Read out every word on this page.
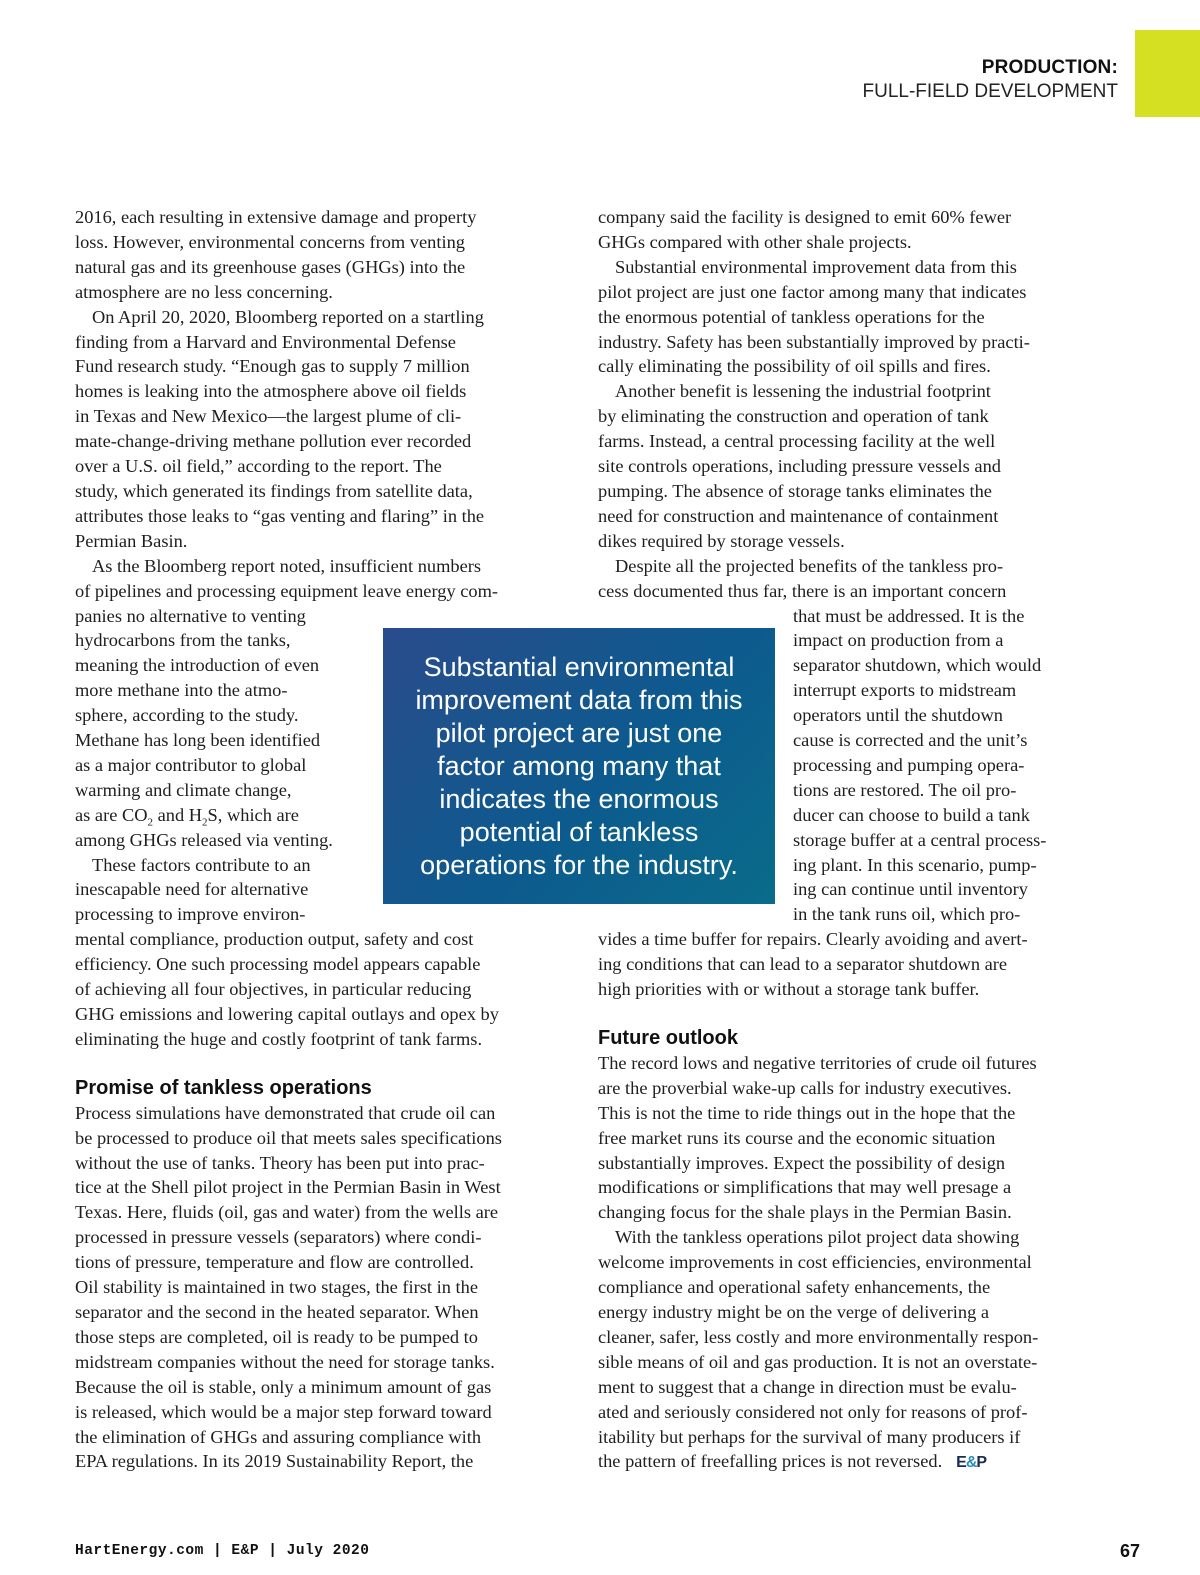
PRODUCTION:
FULL-FIELD DEVELOPMENT

2016, each resulting in extensive damage and property
loss. However, environmental concerns from venting
natural gas and its greenhouse gases (GHGs) into the
atmosphere are no less concerning.

On April 20, 2020, Bloomberg reported on a startling
finding from a Harvard and Environmental Defense
Fund research study. “Enough gas to supply 7 million
homes is leaking into the atmosphere above oil fields
in Texas and New Mexico—the largest plume of cli-
mate-change-driving methane pollution ever recorded
over a U.S. oil field,” according to the report. The
study, which generated its findings from satellite data,
attributes those leaks to “gas venting and flaring” in the
Permian Basin.

As the Bloomberg report noted, insufficient numbers
of pipelines and processing equipment leave energy com-
panies no alternative to venting
hydrocarbons from the tanks,
meaning the introduction of even
more methane into the atmo-
sphere, according to the study.
Methane has long been identified
as a major contributor to global
warming and climate change,
as are $CO_2$ and $H_2S$, which are
among GHGs released via venting.

These factors contribute to an
inescapable need for alternative
processing to improve environ-
mental compliance, production output, safety and cost
efficiency. One such processing model appears capable
of achieving all four objectives, in particular reducing
GHG emissions and lowering capital outlays and opex by
eliminating the huge and costly footprint of tank farms.

Promise of tankless operations

Process simulations have demonstrated that crude oil can
be processed to produce oil that meets sales specifications
without the use of tanks. Theory has been put into prac-
tice at the Shell pilot project in the Permian Basin in West
Texas. Here, fluids (oil, gas and water) from the wells are
processed in pressure vessels (separators) where condi-
tions of pressure, temperature and flow are controlled.
Oil stability is maintained in two stages, the first in the
separator and the second in the heated separator. When
those steps are completed, oil is ready to be pumped to
midstream companies without the need for storage tanks.
Because the oil is stable, only a minimum amount of gas
is released, which would be a major step forward toward
the elimination of GHGs and assuring compliance with
EPA regulations. In its 2019 Sustainability Report, the

Substantial environmental
improvement data from this
pilot project are just one
factor among many that
indicates the enormous
potential of tankless
operations for the industry.

company said the facility is designed to emit 60% fewer
GHGs compared with other shale projects.

Substantial environmental improvement data from this
pilot project are just one factor among many that indicates
the enormous potential of tankless operations for the
industry. Safety has been substantially improved by practi-
cally eliminating the possibility of oil spills and fires.

Another benefit is lessening the industrial footprint
by eliminating the construction and operation of tank
farms. Instead, a central processing facility at the well
site controls operations, including pressure vessels and
pumping. The absence of storage tanks eliminates the
need for construction and maintenance of containment
dikes required by storage vessels.

Despite all the projected benefits of the tankless pro-
cess documented thus far, there is an important concern
that must be addressed. It is the
impact on production from a
separator shutdown, which would
interrupt exports to midstream
operators until the shutdown
cause is corrected and the unit’s
processing and pumping opera-
tions are restored. The oil pro-
ducer can choose to build a tank
storage buffer at a central process-
ing plant. In this scenario, pump-
ing can continue until inventory
in the tank runs oil, which pro-
vides a time buffer for repairs. Clearly avoiding and avert-
ing conditions that can lead to a separator shutdown are
high priorities with or without a storage tank buffer.

Future outlook

The record lows and negative territories of crude oil futures
are the proverbial wake-up calls for industry executives.
This is not the time to ride things out in the hope that the
free market runs its course and the economic situation
substantially improves. Expect the possibility of design
modifications or simplifications that may well presage a
changing focus for the shale plays in the Permian Basin.

With the tankless operations pilot project data showing
welcome improvements in cost efficiencies, environmental
compliance and operational safety enhancements, the
energy industry might be on the verge of delivering a
cleaner, safer, less costly and more environmentally respon-
sible means of oil and gas production. It is not an overstate-
ment to suggest that a change in direction must be evalu-
ated and seriously considered not only for reasons of prof-
itability but perhaps for the survival of many producers if
the pattern of freefalling prices is not reversed. E&P

HartEnergy.com | E&P | July 2020	67
